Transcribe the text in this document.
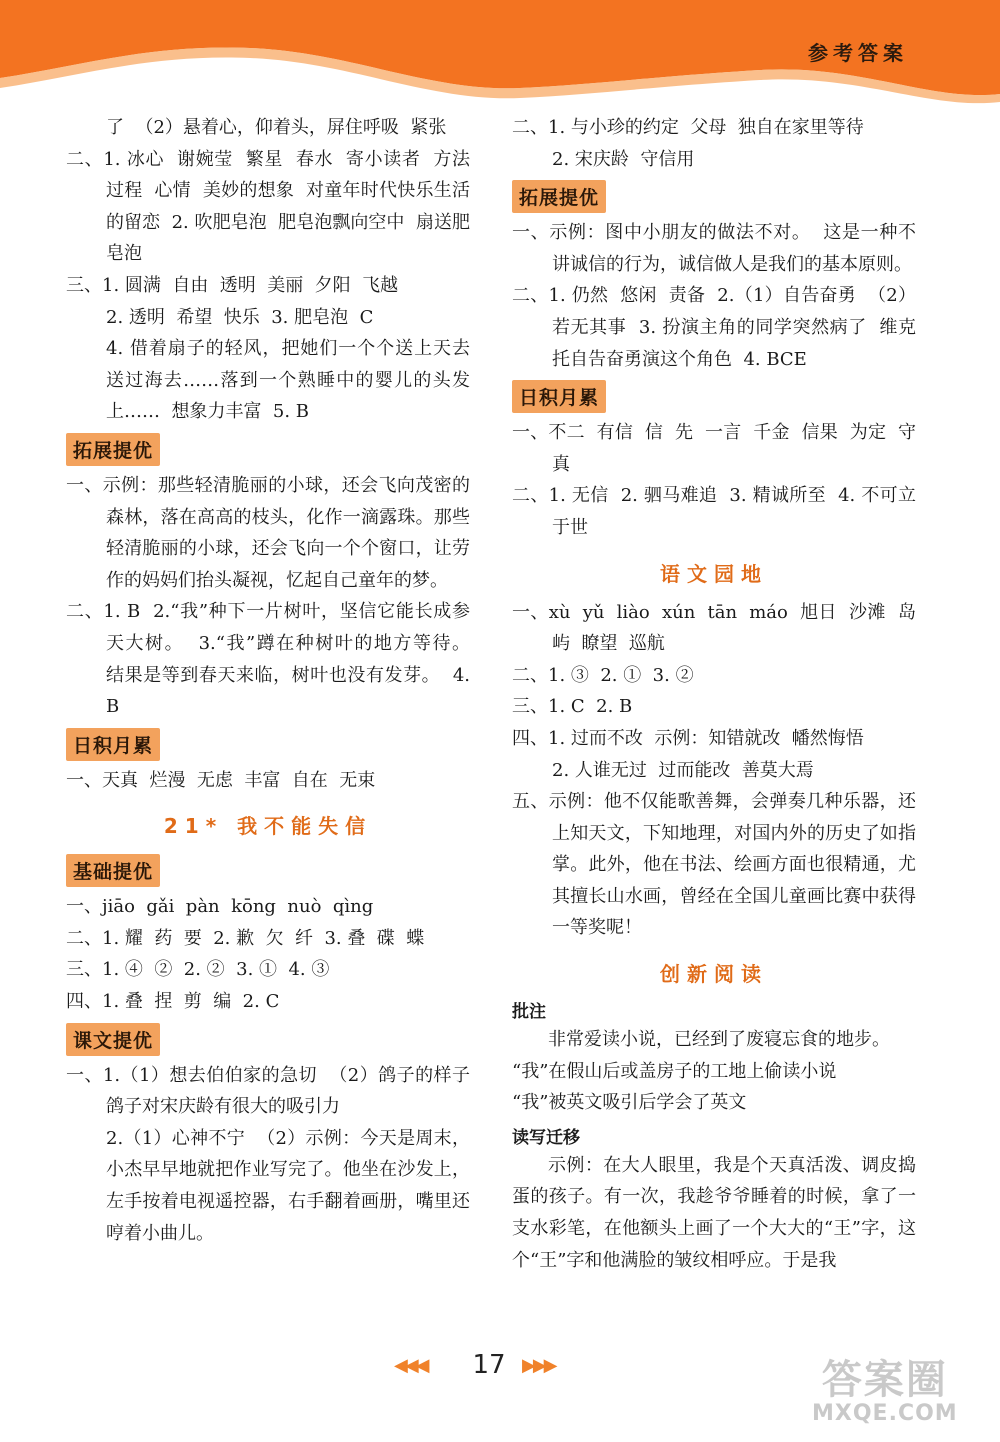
参考答案
了  （2）悬着心，仰着头，屏住呼吸  紧张
二、1. 冰心  谢婉莹  繁星  春水  寄小读者  方法  过程  心情  美妙的想象  对童年时代快乐生活的留恋  2. 吹肥皂泡  肥皂泡飘向空中  扇送肥皂泡
三、1. 圆满  自由  透明  美丽  夕阳  飞越
2. 透明  希望  快乐  3. 肥皂泡  C
4. 借着扇子的轻风，把她们一个个送上天去送过海去……落到一个熟睡中的婴儿的头发上……  想象力丰富  5. B
拓展提优
一、示例：那些轻清脆丽的小球，还会飞向茂密的森林，落在高高的枝头，化作一滴露珠。那些轻清脆丽的小球，还会飞向一个个窗口，让劳作的妈妈们抬头凝视，忆起自己童年的梦。
二、1. B  2.“我”种下一片树叶，坚信它能长成参天大树。  3.“我”蹲在种树叶的地方等待。  结果是等到春天来临，树叶也没有发芽。  4. B
日积月累
一、天真  烂漫  无虑  丰富  自在  无束
21* 我不能失信
基础提优
一、jiāo  gǎi  pàn  kōng  nuò  qìng
二、1. 耀  药  要  2. 歉  欠  纤  3. 叠  碟  蝶
三、1. ④  ②  2. ②  3. ①  4. ③
四、1. 叠  捏  剪  编  2. C
课文提优
一、1.（1）想去伯伯家的急切  （2）鸽子的样子  鸽子对宋庆龄有很大的吸引力
2.（1）心神不宁  （2）示例：今天是周末，小杰早早地就把作业写完了。他坐在沙发上，左手按着电视遥控器，右手翻着画册，嘴里还哼着小曲儿。
二、1. 与小珍的约定  父母  独自在家里等待
2. 宋庆龄  守信用
拓展提优
一、示例：图中小朋友的做法不对。  这是一种不讲诚信的行为，诚信做人是我们的基本原则。
二、1. 仍然  悠闲  责备  2.（1）自告奋勇  （2）若无其事  3. 扮演主角的同学突然病了  维克托自告奋勇演这个角色  4. BCE
日积月累
一、不二  有信  信  先  一言  千金  信果  为定  守真
二、1. 无信  2. 驷马难追  3. 精诚所至  4. 不可立于世
语文园地
一、xù  yǔ  liào  xún  tān  máo  旭日  沙滩  岛屿  瞭望  巡航
二、1. ③  2. ①  3. ②
三、1. C  2. B
四、1. 过而不改  示例：知错就改  幡然悔悟
2. 人谁无过  过而能改  善莫大焉
五、示例：他不仅能歌善舞，会弹奏几种乐器，还上知天文，下知地理，对国内外的历史了如指掌。此外，他在书法、绘画方面也很精通，尤其擅长山水画，曾经在全国儿童画比赛中获得一等奖呢！
创新阅读
批注
非常爱读小说，已经到了废寝忘食的地步。
“我”在假山后或盖房子的工地上偷读小说
“我”被英文吸引后学会了英文
读写迁移
示例：在大人眼里，我是个天真活泼、调皮捣蛋的孩子。有一次，我趁爷爷睡着的时候，拿了一支水彩笔，在他额头上画了一个大大的“王”字，这个“王”字和他满脸的皱纹相呼应。于是我
◀◀◀ 17 ▶▶▶	答案圈
MXQE.COM
